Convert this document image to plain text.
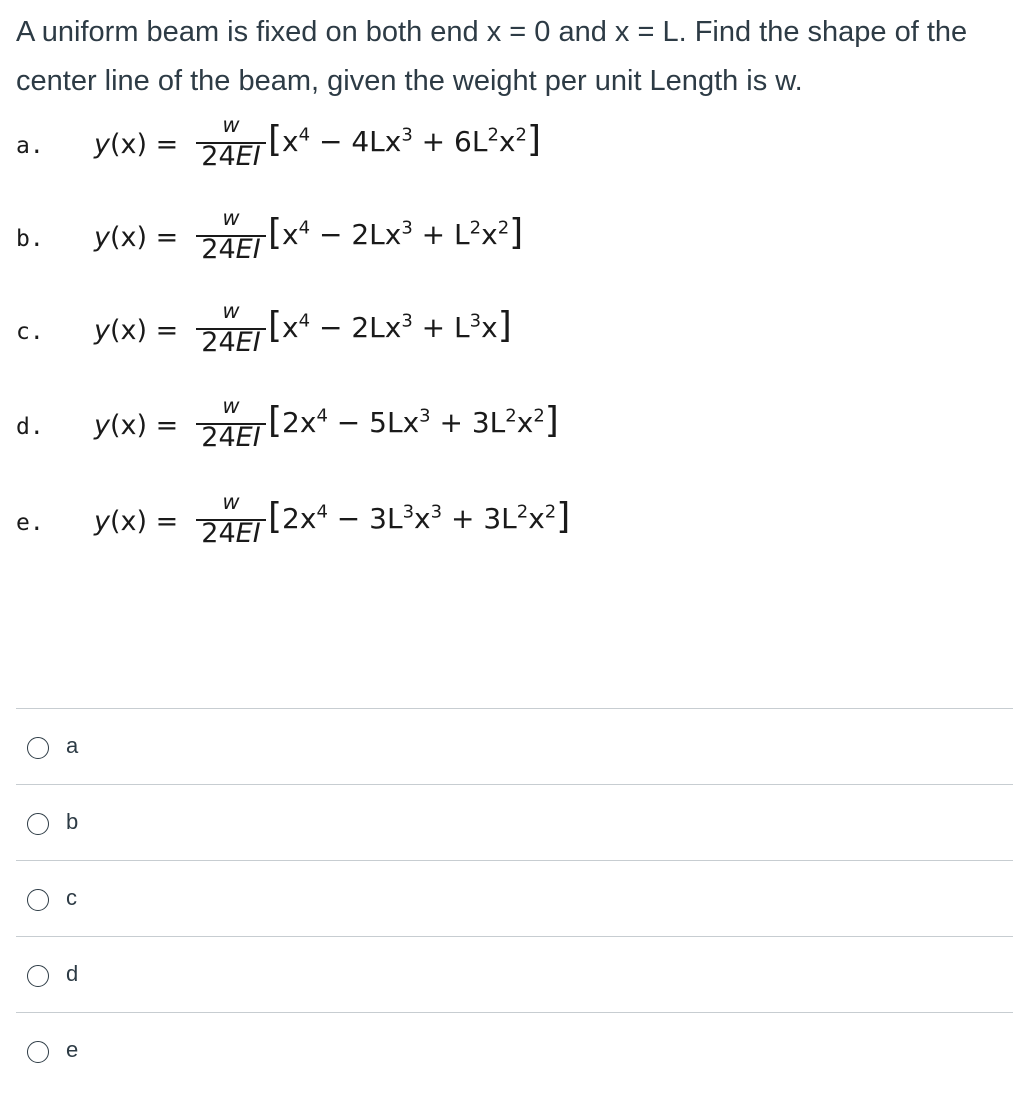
A uniform beam is fixed on both end x = 0 and x = L. Find the shape of the center line of the beam, given the weight per unit Length is w.
a. y(x) =
w
24EI $[x^4 - 4Lx^3 + 6L^2x^2]$
b. y(x) =
w
24EI $[x^4 - 2Lx^3 + L^2x^2]$
c. y(x) =
w
24EI $[x^4 - 2Lx^3 + L^3x]$
d. y(x) =
w
24EI $[2x^4 - 5Lx^3 + 3L^2x^2]$
e. y(x) =
w
24EI $[2x^4 - 3L^3x^3 + 3L^2x^2]$
a
b
c
d
e
